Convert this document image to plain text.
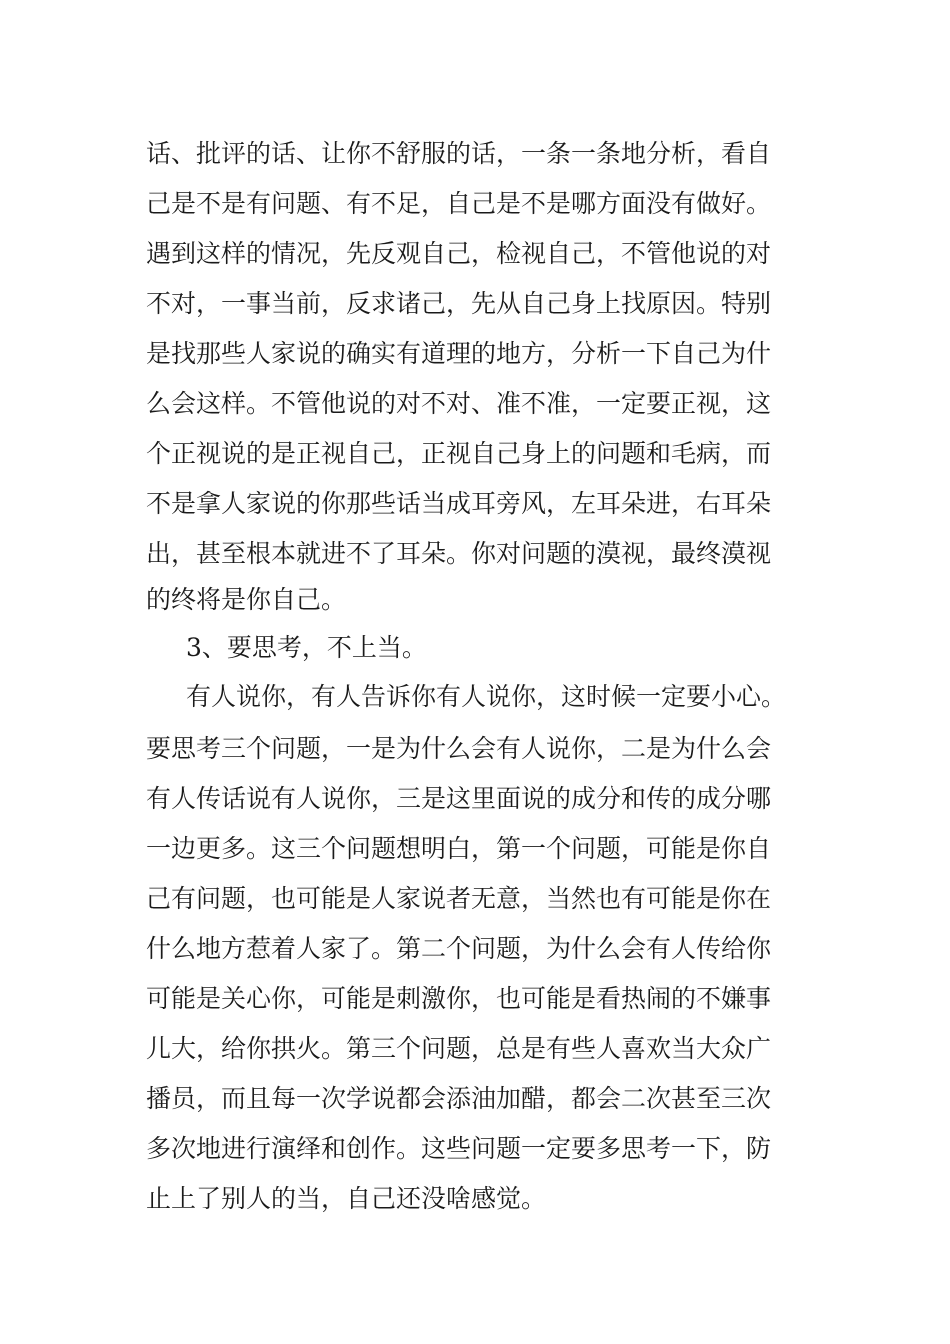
话、批评的话、让你不舒服的话，一条一条地分析，看自
己是不是有问题、有不足，自己是不是哪方面没有做好。
遇到这样的情况，先反观自己，检视自己，不管他说的对
不对，一事当前，反求诸己，先从自己身上找原因。特别
是找那些人家说的确实有道理的地方，分析一下自己为什
么会这样。不管他说的对不对、准不准，一定要正视，这
个正视说的是正视自己，正视自己身上的问题和毛病，而
不是拿人家说的你那些话当成耳旁风，左耳朵进，右耳朵
出，甚至根本就进不了耳朵。你对问题的漠视，最终漠视
的终将是你自己。
3、要思考，不上当。
有人说你，有人告诉你有人说你，这时候一定要小心。
要思考三个问题，一是为什么会有人说你，二是为什么会
有人传话说有人说你，三是这里面说的成分和传的成分哪
一边更多。这三个问题想明白，第一个问题，可能是你自
己有问题，也可能是人家说者无意，当然也有可能是你在
什么地方惹着人家了。第二个问题，为什么会有人传给你
可能是关心你，可能是刺激你，也可能是看热闹的不嫌事
儿大，给你拱火。第三个问题，总是有些人喜欢当大众广
播员，而且每一次学说都会添油加醋，都会二次甚至三次
多次地进行演绎和创作。这些问题一定要多思考一下，防
止上了别人的当，自己还没啥感觉。
